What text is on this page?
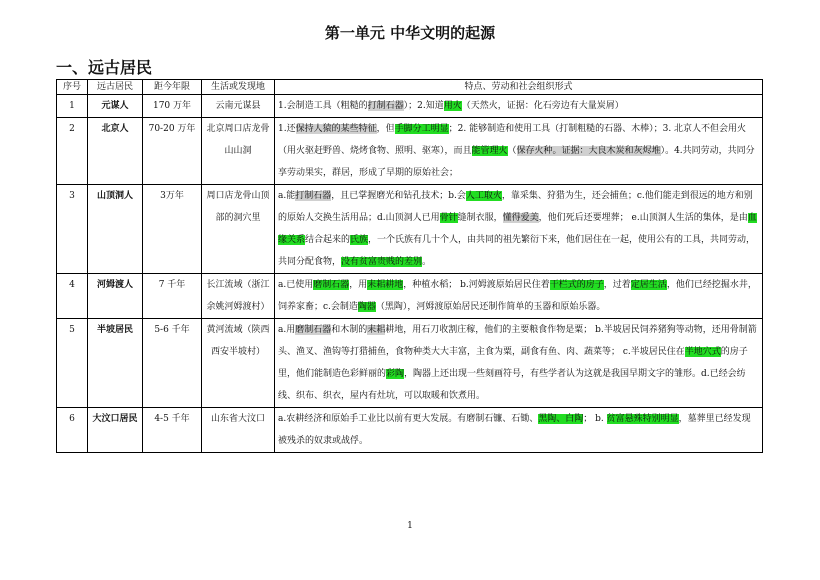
第一单元 中华文明的起源
一、远古居民
序号	远古居民	距今年限	生活或发现地	特点、劳动和社会组织形式
1	元谋人	170 万年	云南元谋县	1.会制造工具（粗糙的打制石器）；2.知道用火（天然火，证据：化石旁边有大量炭屑）
2	北京人	70-20 万年	北京周口店龙骨山山洞	1.还保持人猿的某些特征，但手脚分工明显；2. 能够制造和使用工具（打制粗糙的石器、木棒）；3. 北京人不但会用火（用火驱赶野兽、烧烤食物、照明、驱寒），而且能管理火（保存火种。证据：大良木炭和灰烬堆）。4.共同劳动，共同分享劳动果实，群居，形成了早期的原始社会；
3	山顶洞人	3万年	周口店龙骨山顶部的洞穴里	a.能打制石器，且已掌握磨光和钻孔技术；b.会人工取火，靠采集、狩猎为生，还会捕鱼；c.他们能走到很远的地方和别的原始人交换生活用品；d.山顶洞人已用骨针缝制衣服，懂得爱美，他们死后还要埋葬； e.山顶洞人生活的集体，是由血缘关系结合起来的氏族，一个氏族有几十个人，由共同的祖先繁衍下来，他们居住在一起，使用公有的工具，共同劳动，共同分配食物，没有贫富贵贱的差别。
4	河姆渡人	7 千年	长江流域（浙江余姚河姆渡村）	a.已使用磨制石器，用耒耜耕地，种植水稻； b.河姆渡原始居民住着干栏式的房子，过着定居生活，他们已经挖掘水井，饲养家畜；c.会制造陶器（黑陶），河姆渡原始居民还制作简单的玉器和原始乐器。
5	半坡居民	5-6 千年	黄河流域（陕西西安半坡村）	a.用磨制石器和木制的耒耜耕地，用石刀收割庄稼，他们的主要粮食作物是粟； b.半坡居民饲养猪狗等动物，还用骨制箭头、渔叉、渔钩等打猎捕鱼，食物种类大大丰富，主食为粟，副食有鱼、肉、蔬菜等； c.半坡居民住在半地穴式的房子里，他们能制造色彩鲜丽的彩陶，陶器上还出现一些刻画符号，有些学者认为这就是我国早期文字的雏形。d.已经会纺线、织布、织衣，屋内有灶坑，可以取暖和饮煮用。
6	大汶口居民	4-5 千年	山东省大汶口	a.农耕经济和原始手工业比以前有更大发展。有磨制石镰、石锄、黑陶、白陶； b. 贫富悬殊特别明显，墓葬里已经发现被残杀的奴隶或战俘。
1
